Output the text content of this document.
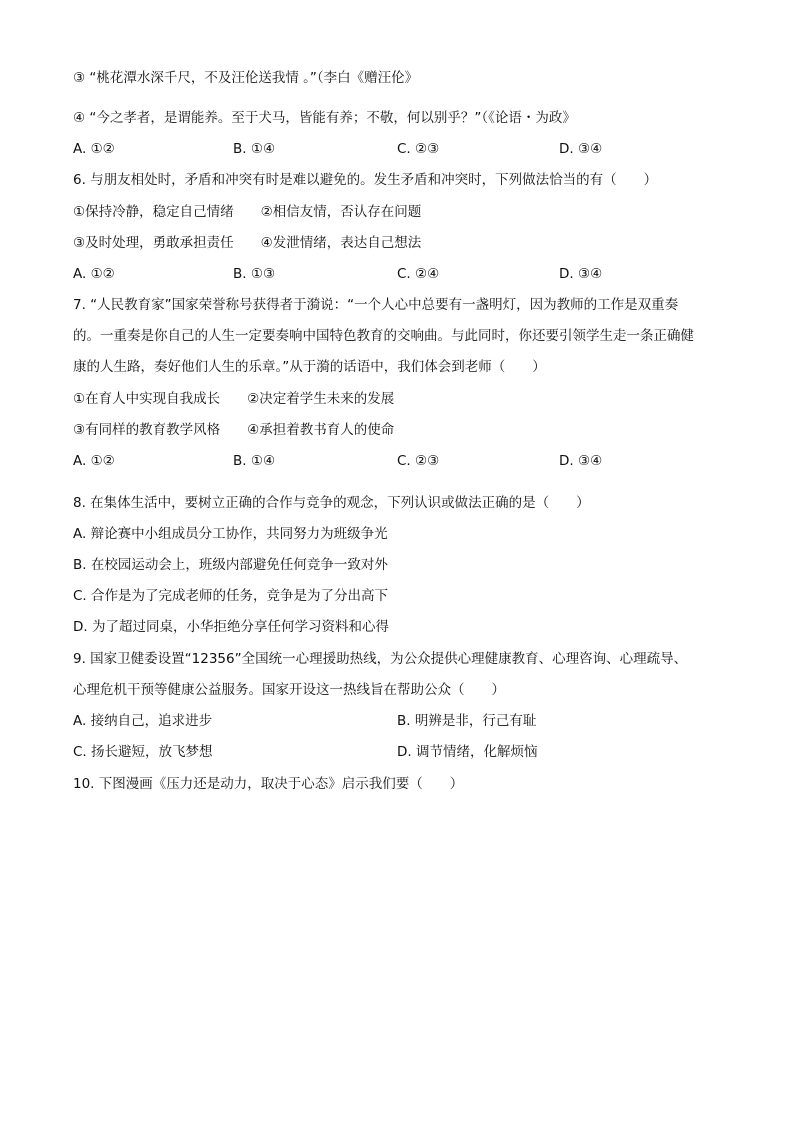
③ “桃花潭水深千尺，不及汪伦送我情 。”（李白《赠汪伦》
④ “今之孝者，是谓能养。至于犬马，皆能有养；不敬，何以别乎？”（《论语・为政》
A. ①②	B. ①④	C. ②③	D. ③④
6. 与朋友相处时，矛盾和冲突有时是难以避免的。发生矛盾和冲突时，下列做法恰当的有（　　）
①保持冷静，稳定自己情绪　　②相信友情，否认存在问题
③及时处理，勇敢承担责任　　④发泄情绪，表达自己想法
A. ①②	B. ①③	C. ②④	D. ③④
7. “人民教育家”国家荣誉称号获得者于漪说：“一个人心中总要有一盏明灯，因为教师的工作是双重奏
的。一重奏是你自己的人生一定要奏响中国特色教育的交响曲。与此同时，你还要引领学生走一条正确健
康的人生路，奏好他们人生的乐章。”从于漪的话语中，我们体会到老师（　　）
①在育人中实现自我成长　　②决定着学生未来的发展
③有同样的教育教学风格　　④承担着教书育人的使命
A. ①②	B. ①④	C. ②③	D. ③④
8. 在集体生活中，要树立正确的合作与竞争的观念，下列认识或做法正确的是（　　）
A. 辩论赛中小组成员分工协作，共同努力为班级争光
B. 在校园运动会上，班级内部避免任何竞争一致对外
C. 合作是为了完成老师的任务，竞争是为了分出高下
D. 为了超过同桌，小华拒绝分享任何学习资料和心得
9. 国家卫健委设置“12356”全国统一心理援助热线，为公众提供心理健康教育、心理咨询、心理疏导、
心理危机干预等健康公益服务。国家开设这一热线旨在帮助公众（　　）
A. 接纳自己，追求进步	B. 明辨是非，行己有耻
C. 扬长避短，放飞梦想	D. 调节情绪，化解烦恼
10. 下图漫画《压力还是动力，取决于心态》启示我们要（　　）
